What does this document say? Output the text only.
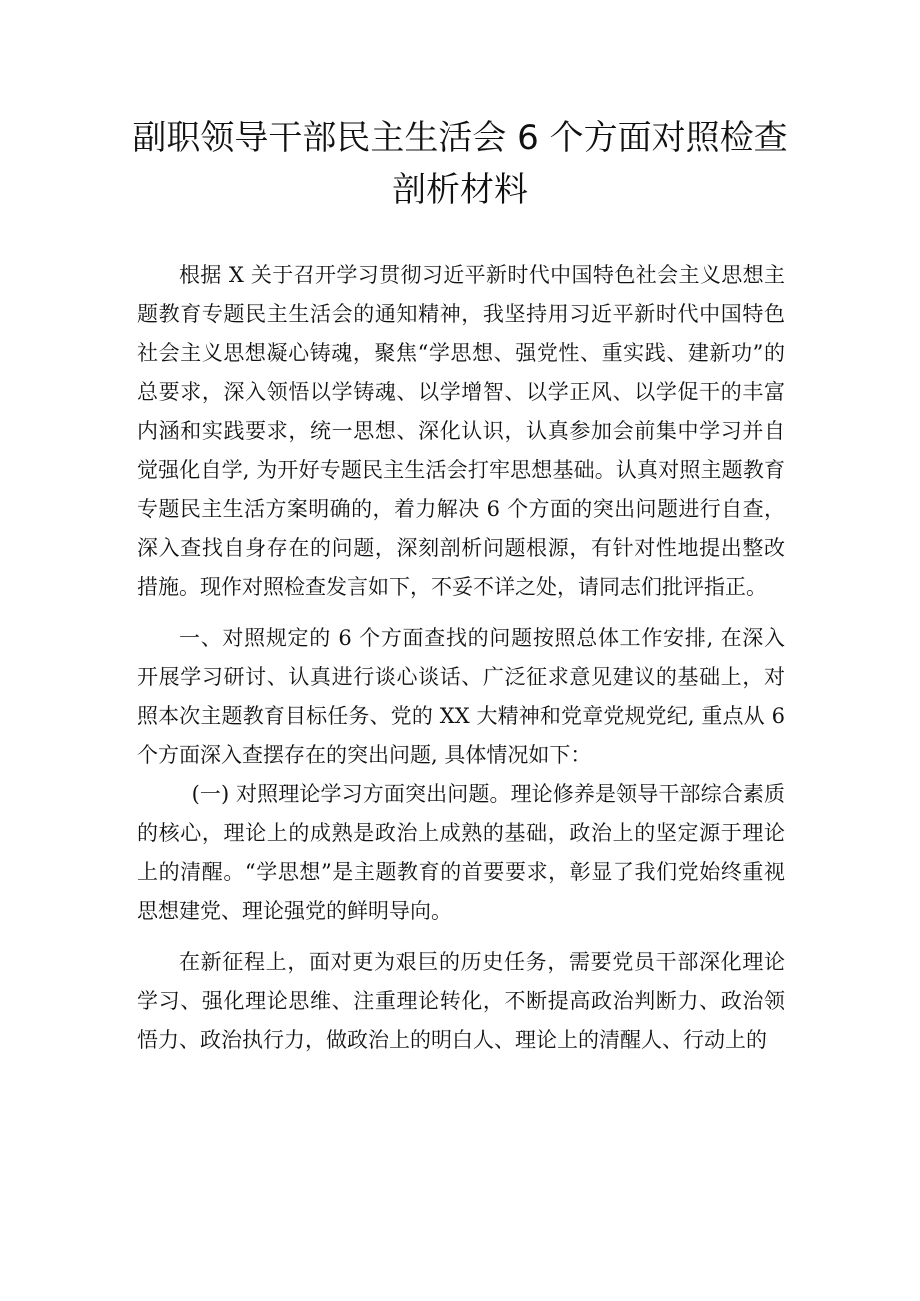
副职领导干部民主生活会 6 个方面对照检查
剖析材料

根据 X 关于召开学习贯彻习近平新时代中国特色社会主义思想主题教育专题民主生活会的通知精神，我坚持用习近平新时代中国特色社会主义思想凝心铸魂，聚焦“学思想、强党性、重实践、建新功”的总要求，深入领悟以学铸魂、以学增智、以学正风、以学促干的丰富内涵和实践要求，统一思想、深化认识，认真参加会前集中学习并自觉强化自学, 为开好专题民主生活会打牢思想基础。认真对照主题教育专题民主生活方案明确的，着力解决 6 个方面的突出问题进行自查，深入查找自身存在的问题，深刻剖析问题根源，有针对性地提出整改措施。现作对照检查发言如下，不妥不详之处，请同志们批评指正。

一、对照规定的 6 个方面查找的问题按照总体工作安排, 在深入开展学习研讨、认真进行谈心谈话、广泛征求意见建议的基础上，对照本次主题教育目标任务、党的 XX 大精神和党章党规党纪, 重点从 6 个方面深入查摆存在的突出问题, 具体情况如下：

(一) 对照理论学习方面突出问题。理论修养是领导干部综合素质的核心，理论上的成熟是政治上成熟的基础，政治上的坚定源于理论上的清醒。“学思想”是主题教育的首要要求，彰显了我们党始终重视思想建党、理论强党的鲜明导向。

在新征程上，面对更为艰巨的历史任务，需要党员干部深化理论学习、强化理论思维、注重理论转化，不断提高政治判断力、政治领悟力、政治执行力，做政治上的明白人、理论上的清醒人、行动上的
